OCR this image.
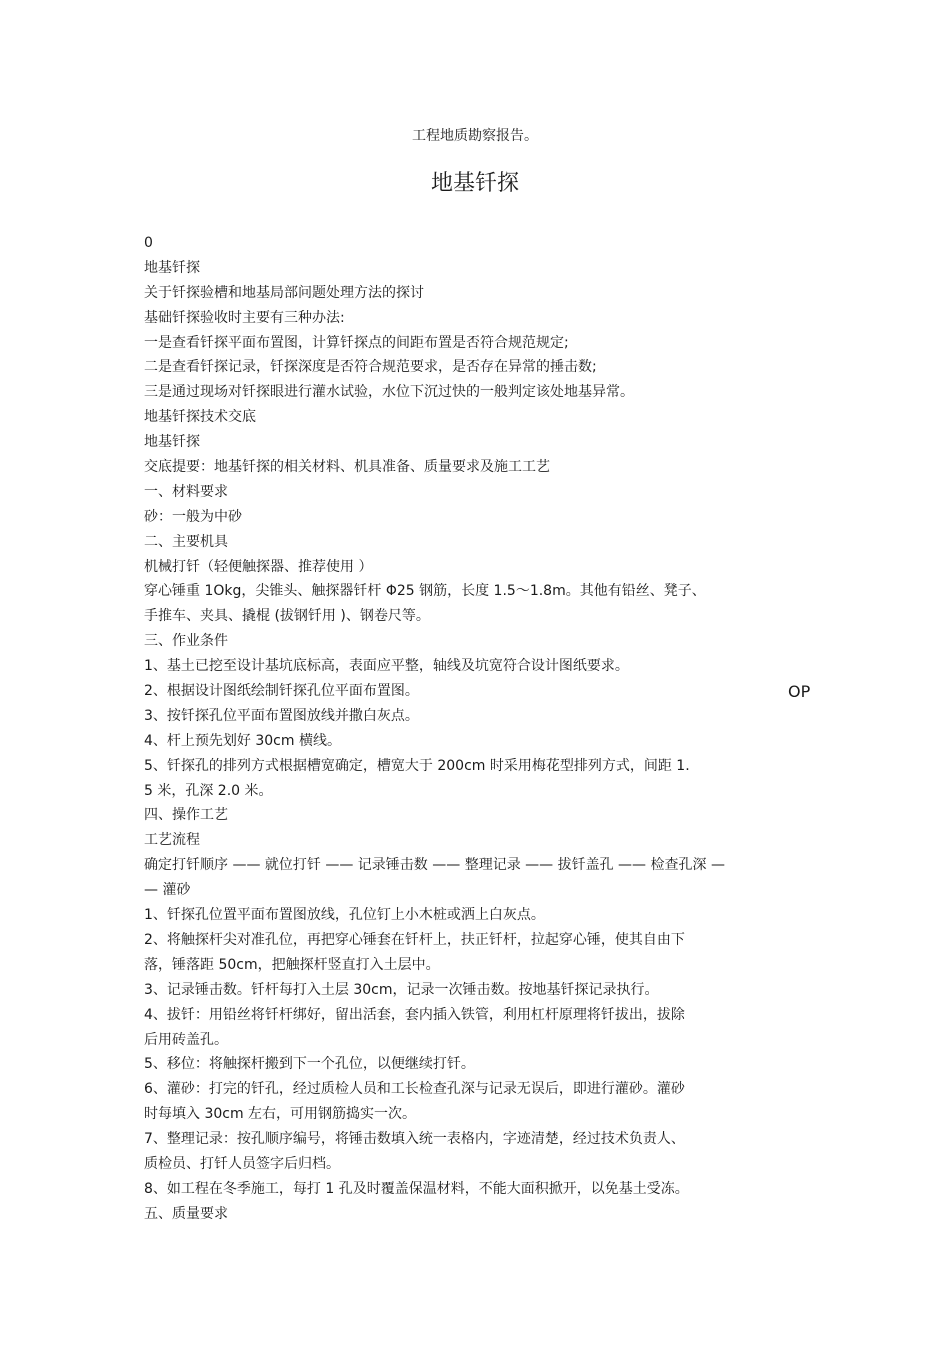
工程地质勘察报告。
地基钎探
0
地基钎探
关于钎探验槽和地基局部问题处理方法的探讨
基础钎探验收时主要有三种办法:
一是查看钎探平面布置图，计算钎探点的间距布置是否符合规范规定;
二是查看钎探记录，钎探深度是否符合规范要求，是否存在异常的捶击数;
三是通过现场对钎探眼进行灌水试验，水位下沉过快的一般判定该处地基异常。
地基钎探技术交底
地基钎探
交底提要：地基钎探的相关材料、机具准备、质量要求及施工工艺
一、材料要求
砂：一般为中砂
二、主要机具
机械打钎（轻便触探器、推荐使用 ）
穿心锤重 1Okg，尖锥头、触探器钎杆 Φ25 钢筋，长度 1.5～1.8m。其他有铅丝、凳子、
手推车、夹具、撬棍 (拔钢钎用 )、钢卷尺等。
三、作业条件
1、基土已挖至设计基坑底标高，表面应平整，轴线及坑宽符合设计图纸要求。
2、根据设计图纸绘制钎探孔位平面布置图。
3、按钎探孔位平面布置图放线并撒白灰点。
4、杆上预先划好 30cm 横线。
5、钎探孔的排列方式根据槽宽确定，槽宽大于 200cm 时采用梅花型排列方式，间距 1.
5 米，孔深 2.0 米。
四、操作工艺
工艺流程
确定打钎顺序 —— 就位打钎 —— 记录锤击数 —— 整理记录 —— 拔钎盖孔 —— 检查孔深 —
— 灌砂
1、钎探孔位置平面布置图放线，孔位钉上小木桩或洒上白灰点。
2、将触探杆尖对准孔位，再把穿心锤套在钎杆上，扶正钎杆，拉起穿心锤，使其自由下
落，锤落距 50cm，把触探杆竖直打入土层中。
3、记录锤击数。钎杆每打入土层 30cm，记录一次锤击数。按地基钎探记录执行。
4、拔钎：用铅丝将钎杆绑好，留出活套，套内插入铁管，利用杠杆原理将钎拔出，拔除
后用砖盖孔。
5、移位：将触探杆搬到下一个孔位，以便继续打钎。
6、灌砂：打完的钎孔，经过质检人员和工长检查孔深与记录无误后，即进行灌砂。灌砂
时每填入 30cm 左右，可用钢筋捣实一次。
7、整理记录：按孔顺序编号，将锤击数填入统一表格内，字迹清楚，经过技术负责人、
质检员、打钎人员签字后归档。
8、如工程在冬季施工，每打 1 孔及时覆盖保温材料，不能大面积掀开，以免基土受冻。
五、质量要求
OP
